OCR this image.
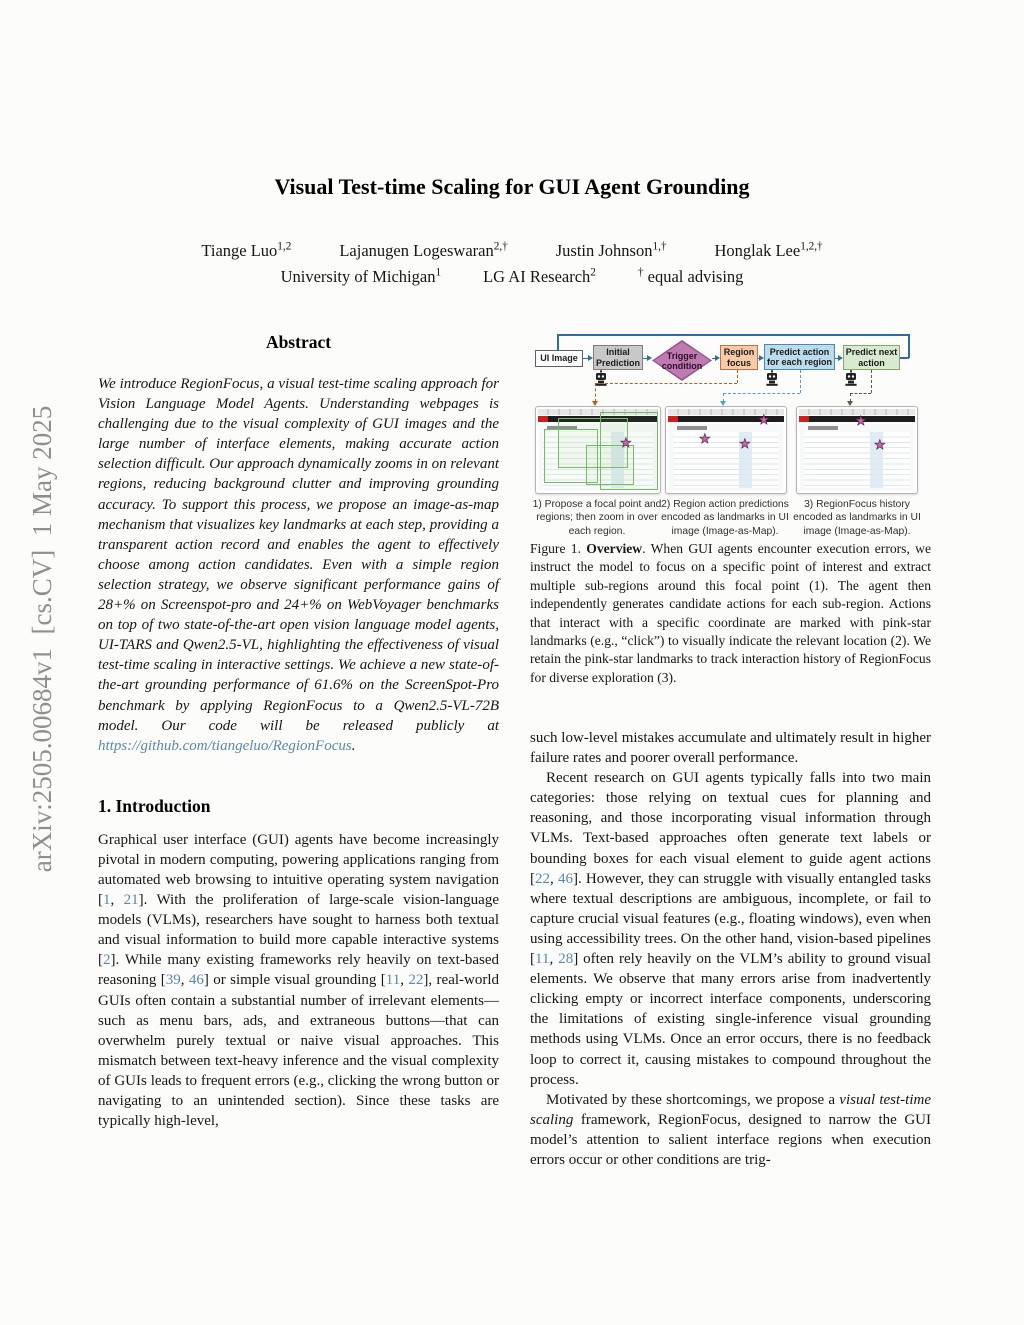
arXiv:2505.00684v1  [cs.CV]  1 May 2025
Visual Test-time Scaling for GUI Agent Grounding
Tiange Luo$^{1,2}$	Lajanugen Logeswaran$^{2,\dagger}$	Justin Johnson$^{1,\dagger}$	Honglak Lee$^{1,2,\dagger}$
University of Michigan$^1$	LG AI Research$^2$	† equal advising
Abstract

We introduce RegionFocus, a visual test-time scaling approach for Vision Language Model Agents. Understanding webpages is challenging due to the visual complexity of GUI images and the large number of interface elements, making accurate action selection difficult. Our approach dynamically zooms in on relevant regions, reducing background clutter and improving grounding accuracy. To support this process, we propose an image-as-map mechanism that visualizes key landmarks at each step, providing a transparent action record and enables the agent to effectively choose among action candidates. Even with a simple region selection strategy, we observe significant performance gains of 28+% on Screenspot-pro and 24+% on WebVoyager benchmarks on top of two state-of-the-art open vision language model agents, UI-TARS and Qwen2.5-VL, highlighting the effectiveness of visual test-time scaling in interactive settings. We achieve a new state-of-the-art grounding performance of 61.6% on the ScreenSpot-Pro benchmark by applying RegionFocus to a Qwen2.5-VL-72B model. Our code will be released publicly at https://github.com/tiangeluo/RegionFocus.

1. Introduction

Graphical user interface (GUI) agents have become increasingly pivotal in modern computing, powering applications ranging from automated web browsing to intuitive operating system navigation [1, 21]. With the proliferation of large-scale vision-language models (VLMs), researchers have sought to harness both textual and visual information to build more capable interactive systems [2]. While many existing frameworks rely heavily on text-based reasoning [39, 46] or simple visual grounding [11, 22], real-world GUIs often contain a substantial number of irrelevant elements—such as menu bars, ads, and extraneous buttons—that can overwhelm purely textual or naive visual approaches. This mismatch between text-heavy inference and the visual complexity of GUIs leads to frequent errors (e.g., clicking the wrong button or navigating to an unintended section). Since these tasks are typically high-level,

UI Image
Initial Prediction
Trigger condition
Region focus
Predict action for each region
Predict next action
★	★ ★
★	★
★
1) Propose a focal point and regions; then zoom in over each region.
2) Region action predictions encoded as landmarks in UI image (Image-as-Map).
3) RegionFocus history encoded as landmarks in UI image (Image-as-Map).
Figure 1. Overview. When GUI agents encounter execution errors, we instruct the model to focus on a specific point of interest and extract multiple sub-regions around this focal point (1). The agent then independently generates candidate actions for each sub-region. Actions that interact with a specific coordinate are marked with pink-star landmarks (e.g., “click”) to visually indicate the relevant location (2). We retain the pink-star landmarks to track interaction history of RegionFocus for diverse exploration (3).

such low-level mistakes accumulate and ultimately result in higher failure rates and poorer overall performance.

Recent research on GUI agents typically falls into two main categories: those relying on textual cues for planning and reasoning, and those incorporating visual information through VLMs. Text-based approaches often generate text labels or bounding boxes for each visual element to guide agent actions [22, 46]. However, they can struggle with visually entangled tasks where textual descriptions are ambiguous, incomplete, or fail to capture crucial visual features (e.g., floating windows), even when using accessibility trees. On the other hand, vision-based pipelines [11, 28] often rely heavily on the VLM’s ability to ground visual elements. We observe that many errors arise from inadvertently clicking empty or incorrect interface components, underscoring the limitations of existing single-inference visual grounding methods using VLMs. Once an error occurs, there is no feedback loop to correct it, causing mistakes to compound throughout the process.

Motivated by these shortcomings, we propose a visual test-time scaling framework, RegionFocus, designed to narrow the GUI model’s attention to salient interface regions when execution errors occur or other conditions are trig-
